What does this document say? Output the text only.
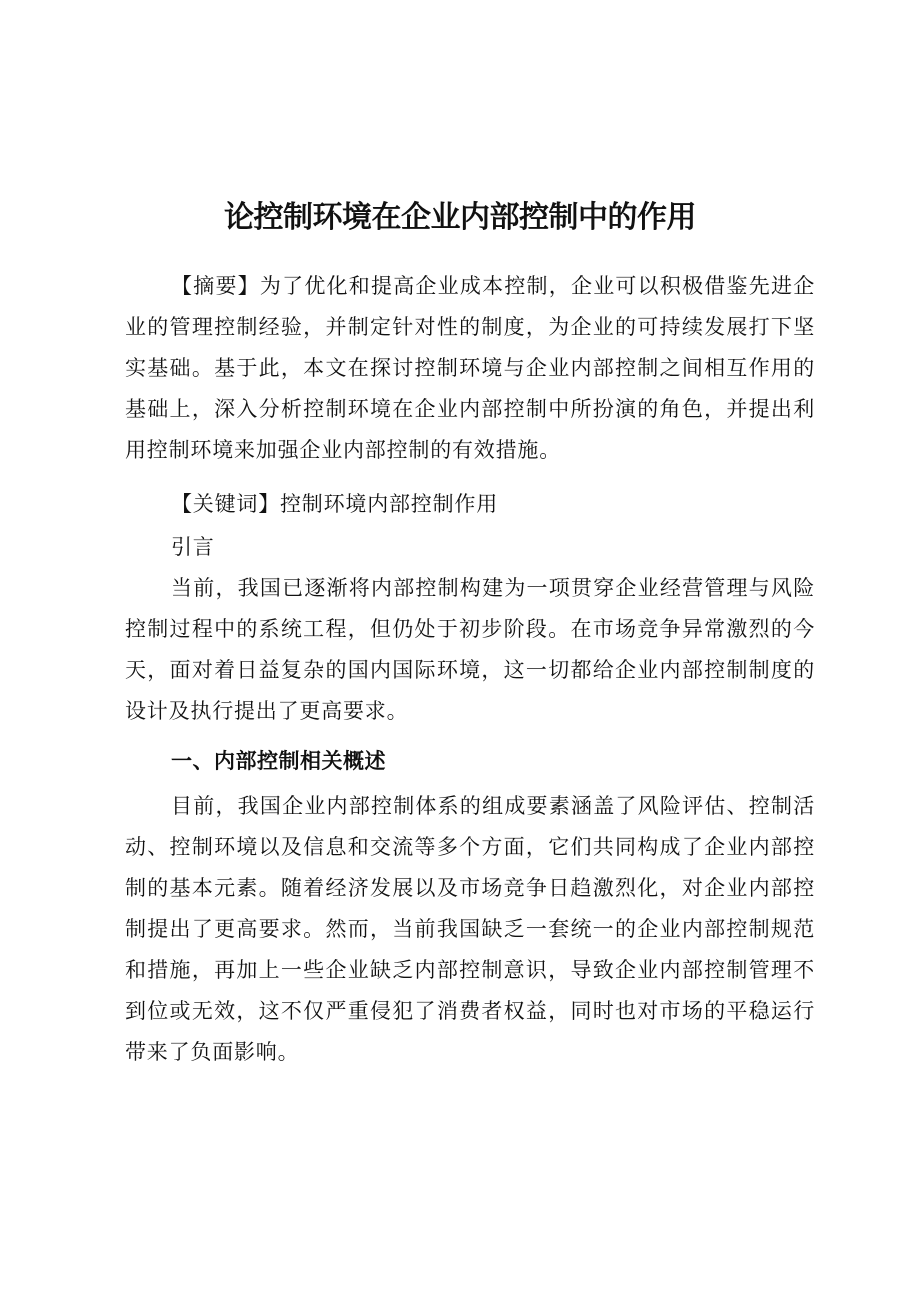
论控制环境在企业内部控制中的作用

【摘要】为了优化和提高企业成本控制，企业可以积极借鉴先进企业的管理控制经验，并制定针对性的制度，为企业的可持续发展打下坚实基础。基于此，本文在探讨控制环境与企业内部控制之间相互作用的基础上，深入分析控制环境在企业内部控制中所扮演的角色，并提出利用控制环境来加强企业内部控制的有效措施。

【关键词】控制环境内部控制作用

引言

当前，我国已逐渐将内部控制构建为一项贯穿企业经营管理与风险控制过程中的系统工程，但仍处于初步阶段。在市场竞争异常激烈的今天，面对着日益复杂的国内国际环境，这一切都给企业内部控制制度的设计及执行提出了更高要求。

一、内部控制相关概述

目前，我国企业内部控制体系的组成要素涵盖了风险评估、控制活动、控制环境以及信息和交流等多个方面，它们共同构成了企业内部控制的基本元素。随着经济发展以及市场竞争日趋激烈化，对企业内部控制提出了更高要求。然而，当前我国缺乏一套统一的企业内部控制规范和措施，再加上一些企业缺乏内部控制意识，导致企业内部控制管理不到位或无效，这不仅严重侵犯了消费者权益，同时也对市场的平稳运行带来了负面影响。
